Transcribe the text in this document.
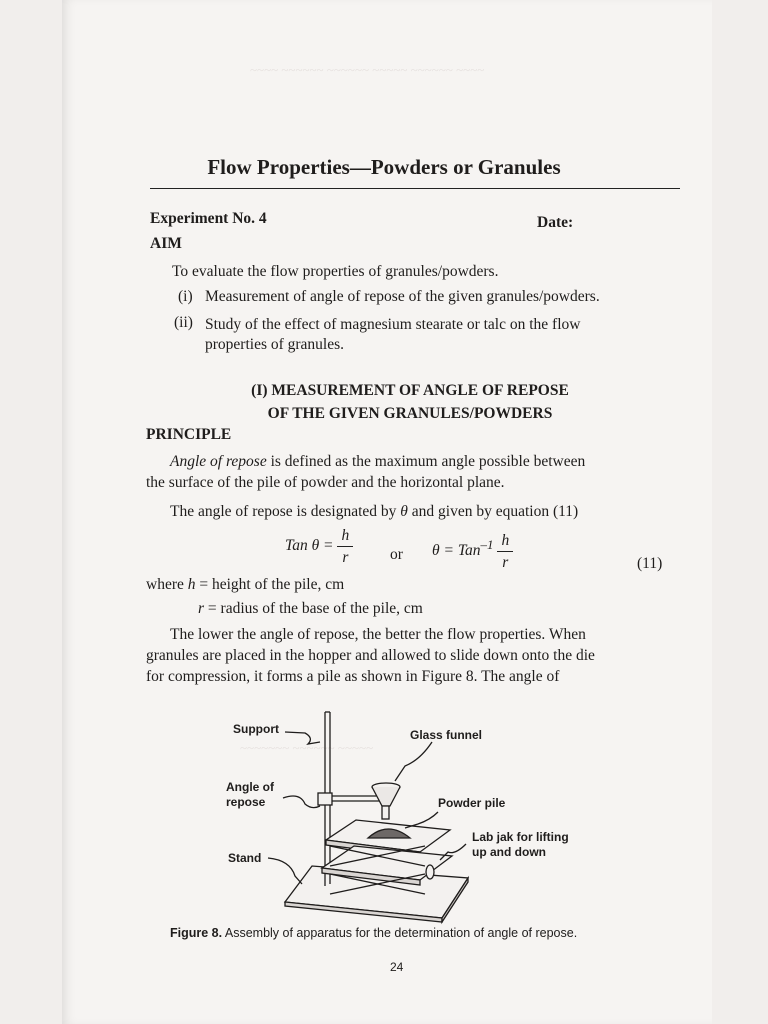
~~~~ ~~~~~~ ~~~~~~ ~~~~~ ~~~~~~ ~~~~
~~~~~~~ ~~~~~~ ~~~~~
Flow Properties—Powders or Granules
Experiment No. 4	Date:
AIM
To evaluate the flow properties of granules/powders.
(i) Measurement of angle of repose of the given granules/powders.
(ii) Study of the effect of magnesium stearate or talc on the flow
properties of granules.
(I) MEASUREMENT OF ANGLE OF REPOSE
OF THE GIVEN GRANULES/POWDERS
PRINCIPLE
Angle of repose is defined as the maximum angle possible between
the surface of the pile of powder and the horizontal plane.
The angle of repose is designated by θ and given by equation (11)
Tan $\theta = \frac{h}{r}$ or $\theta = Tan^{-1} \frac{h}{r}$	(11)
where h = height of the pile, cm
r = radius of the base of the pile, cm
The lower the angle of repose, the better the flow properties. When
granules are placed in the hopper and allowed to slide down onto the die
for compression, it forms a pile as shown in Figure 8. The angle of
Support	Glass funnel
Angle of
repose	Powder pile
Lab jak for lifting
up and down
Stand
Figure 8. Assembly of apparatus for the determination of angle of repose.
24
